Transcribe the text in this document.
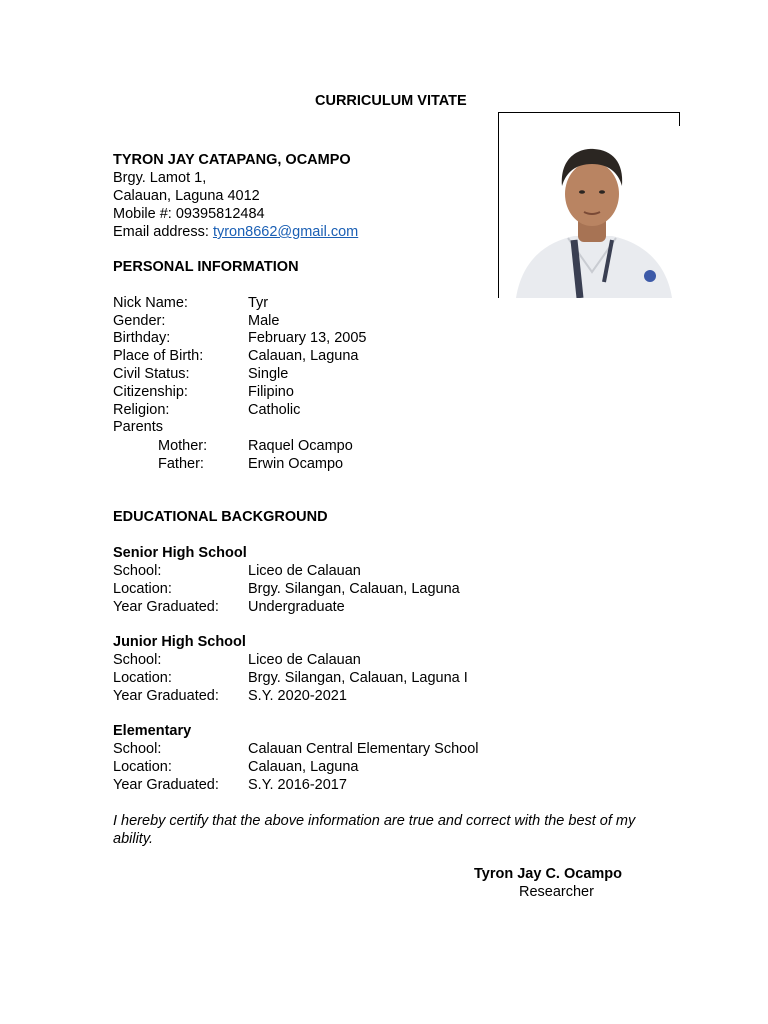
CURRICULUM VITATE
TYRON JAY CATAPANG, OCAMPO
Brgy. Lamot 1,
Calauan, Laguna 4012
Mobile #: 09395812484
Email address: tyron8662@gmail.com
PERSONAL INFORMATION
Nick Name:	Tyr
Gender:	Male
Birthday:	February 13, 2005
Place of Birth:	Calauan, Laguna
Civil Status:	Single
Citizenship:	Filipino
Religion:	Catholic
Parents
Mother:	Raquel Ocampo
Father:	Erwin Ocampo
EDUCATIONAL BACKGROUND
Senior High School
School:	Liceo de Calauan
Location:	Brgy. Silangan, Calauan, Laguna
Year Graduated: Undergraduate
Junior High School
School:	Liceo de Calauan
Location:	Brgy. Silangan, Calauan, Laguna I
Year Graduated: S.Y. 2020-2021
Elementary
School:	Calauan Central Elementary School
Location:	Calauan, Laguna
Year Graduated: S.Y. 2016-2017
I hereby certify that the above information are true and correct with the best of my ability.
Tyron Jay C. Ocampo
Researcher
